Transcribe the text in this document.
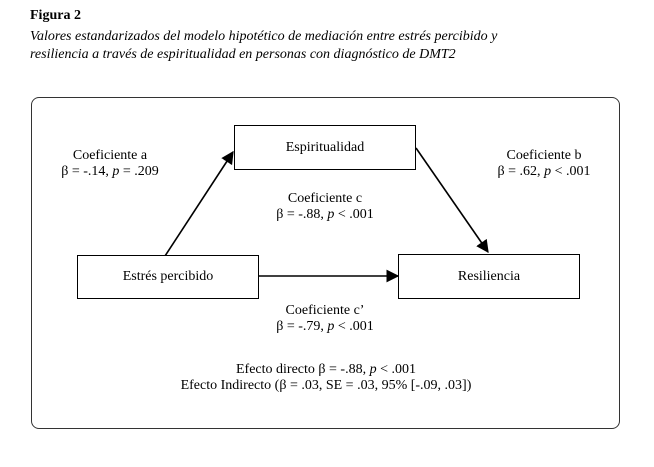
Figura 2
Valores estandarizados del modelo hipotético de mediación entre estrés percibido y
resiliencia a través de espiritualidad en personas con diagnóstico de DMT2
Espiritualidad
Estrés percibido	Resiliencia
Coeficiente a
β = -.14, p = .209
Coeficiente b
β = .62, p < .001
Coeficiente c
β = -.88, p < .001
Coeficiente c’
β = -.79, p < .001
Efecto directo β = -.88, p < .001
Efecto Indirecto (β = .03, SE = .03, 95% [-.09, .03])
